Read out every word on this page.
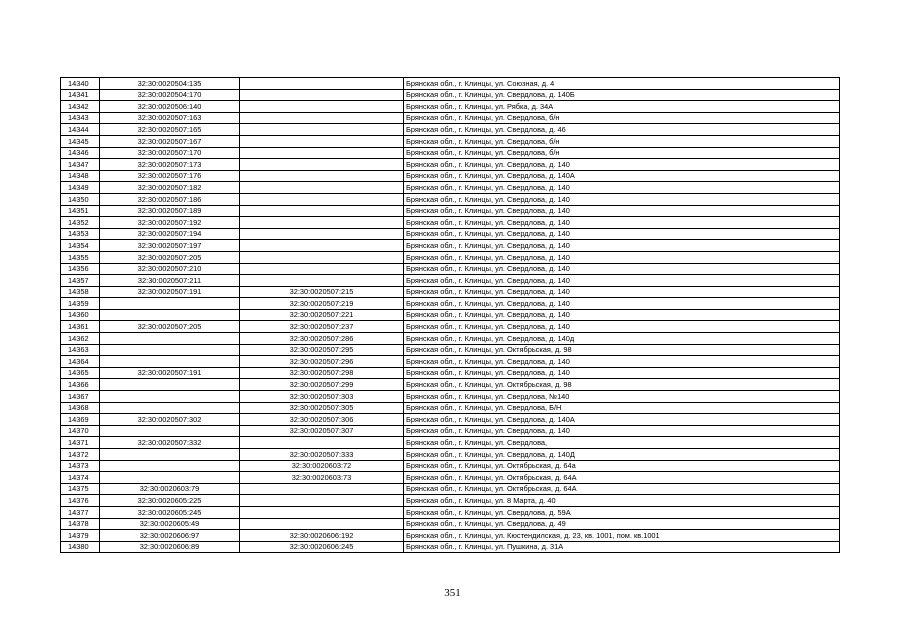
14340	32:30:0020504:135		Брянская обл., г. Клинцы, ул. Союзная, д. 4
14341	32:30:0020504:170		Брянская обл., г. Клинцы, ул. Свердлова, д. 140Б
14342	32:30:0020506:140		Брянская обл., г. Клинцы, ул. Рябка, д. 34А
14343	32:30:0020507:163		Брянская обл., г. Клинцы, ул. Свердлова, б/н
14344	32:30:0020507:165		Брянская обл., г. Клинцы, ул. Свердлова, д. 46
14345	32:30:0020507:167		Брянская обл., г. Клинцы, ул. Свердлова, б/н
14346	32:30:0020507:170		Брянская обл., г. Клинцы, ул. Свердлова, б/н
14347	32:30:0020507:173		Брянская обл., г. Клинцы, ул. Свердлова, д. 140
14348	32:30:0020507:176		Брянская обл., г. Клинцы, ул. Свердлова, д. 140А
14349	32:30:0020507:182		Брянская обл., г. Клинцы, ул. Свердлова, д. 140
14350	32:30:0020507:186		Брянская обл., г. Клинцы, ул. Свердлова, д. 140
14351	32:30:0020507:189		Брянская обл., г. Клинцы, ул. Свердлова, д. 140
14352	32:30:0020507:192		Брянская обл., г. Клинцы, ул. Свердлова, д. 140
14353	32:30:0020507:194		Брянская обл., г. Клинцы, ул. Свердлова, д. 140
14354	32:30:0020507:197		Брянская обл., г. Клинцы, ул. Свердлова, д. 140
14355	32:30:0020507:205		Брянская обл., г. Клинцы, ул. Свердлова, д. 140
14356	32:30:0020507:210		Брянская обл., г. Клинцы, ул. Свердлова, д. 140
14357	32:30:0020507:211		Брянская обл., г. Клинцы, ул. Свердлова, д. 140
14358	32:30:0020507:191	32:30:0020507:215	Брянская обл., г. Клинцы, ул. Свердлова, д. 140
14359		32:30:0020507:219	Брянская обл., г. Клинцы, ул. Свердлова, д. 140
14360		32:30:0020507:221	Брянская обл., г. Клинцы, ул. Свердлова, д. 140
14361	32:30:0020507:205	32:30:0020507:237	Брянская обл., г. Клинцы, ул. Свердлова, д. 140
14362		32:30:0020507:286	Брянская обл., г. Клинцы, ул. Свердлова, д. 140д
14363		32:30:0020507:295	Брянская обл., г. Клинцы, ул. Октябрьская, д. 98
14364		32:30:0020507:296	Брянская обл., г. Клинцы, ул. Свердлова, д. 140
14365	32:30:0020507:191	32:30:0020507:298	Брянская обл., г. Клинцы, ул. Свердлова, д. 140
14366		32:30:0020507:299	Брянская обл., г. Клинцы, ул. Октябрьская, д. 98
14367		32:30:0020507:303	Брянская обл., г. Клинцы, ул. Свердлова, №140
14368		32:30:0020507:305	Брянская обл., г. Клинцы, ул. Свердлова, Б/Н
14369	32:30:0020507:302	32:30:0020507:306	Брянская обл., г. Клинцы, ул. Свердлова, д. 140А
14370		32:30:0020507:307	Брянская обл., г. Клинцы, ул. Свердлова, д. 140
14371	32:30:0020507:332		Брянская обл., г. Клинцы, ул. Свердлова,
14372		32:30:0020507:333	Брянская обл., г. Клинцы, ул. Свердлова, д. 140Д
14373		32:30:0020603:72	Брянская обл., г. Клинцы, ул. Октябрьская, д. 64а
14374		32:30:0020603:73	Брянская обл., г. Клинцы, ул. Октябрьская, д. 64А
14375	32:30:0020603:79		Брянская обл., г. Клинцы, ул. Октябрьская, д. 64А
14376	32:30:0020605:225		Брянская обл., г. Клинцы, ул. 8 Марта, д. 40
14377	32:30:0020605:245		Брянская обл., г. Клинцы, ул. Свердлова, д. 59А
14378	32:30:0020605:49		Брянская обл., г. Клинцы, ул. Свердлова, д. 49
14379	32:30:0020606:97	32:30:0020606:192	Брянская обл., г. Клинцы, ул. Кюстендилская, д. 23, кв. 1001, пом. кв.1001
14380	32:30:0020606:89	32:30:0020606:245	Брянская обл., г. Клинцы, ул. Пушкина, д. 31А
351
